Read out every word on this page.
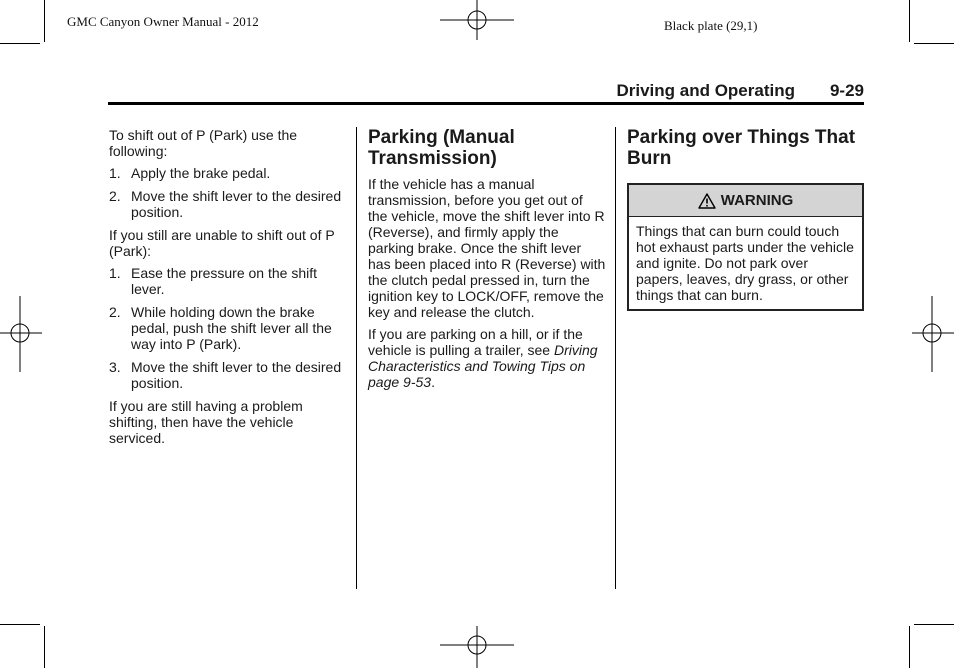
GMC Canyon Owner Manual - 2012	Black plate (29,1)
Driving and Operating 9-29

To shift out of P (Park) use the following:

1. Apply the brake pedal.
2. Move the shift lever to the desired position.

If you still are unable to shift out of P (Park):

1. Ease the pressure on the shift lever.
2. While holding down the brake pedal, push the shift lever all the way into P (Park).
3. Move the shift lever to the desired position.

If you are still having a problem shifting, then have the vehicle serviced.

Parking (Manual Transmission)

If the vehicle has a manual transmission, before you get out of the vehicle, move the shift lever into R (Reverse), and firmly apply the parking brake. Once the shift lever has been placed into R (Reverse) with the clutch pedal pressed in, turn the ignition key to LOCK/OFF, remove the key and release the clutch.

If you are parking on a hill, or if the vehicle is pulling a trailer, see Driving Characteristics and Towing Tips on page 9-53.

Parking over Things That Burn
WARNING
Things that can burn could touch hot exhaust parts under the vehicle and ignite. Do not park over papers, leaves, dry grass, or other things that can burn.
